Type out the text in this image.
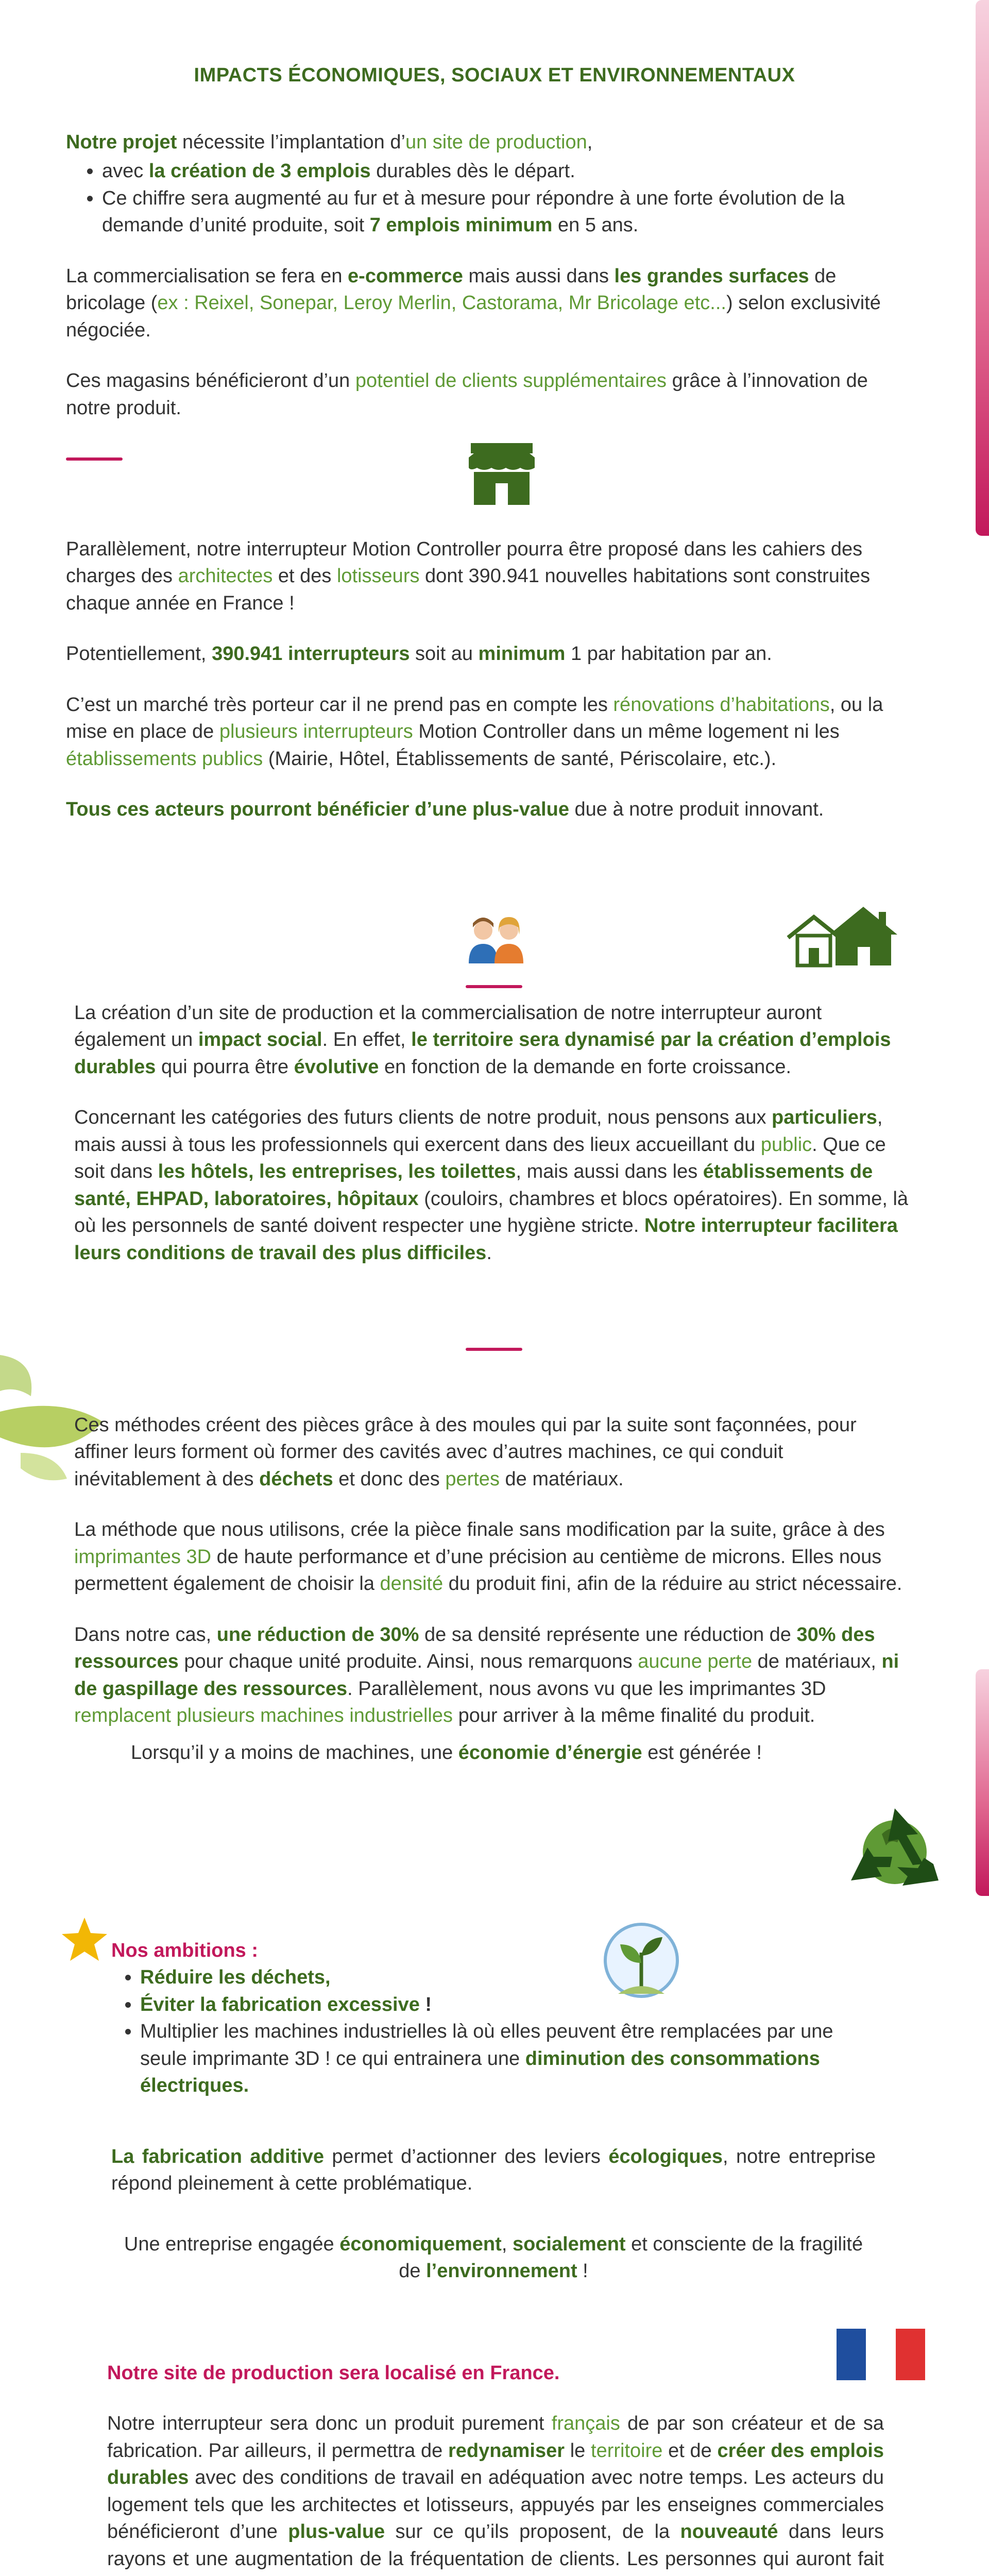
IMPACTS ÉCONOMIQUES, SOCIAUX ET ENVIRONNEMENTAUX

Notre projet nécessite l’implantation d’un site de production,

• avec la création de 3 emplois durables dès le départ.
• Ce chiffre sera augmenté au fur et à mesure pour répondre à une forte évolution de la demande d’unité produite, soit 7 emplois minimum en 5 ans.

La commercialisation se fera en e-commerce mais aussi dans les grandes surfaces de bricolage (ex : Reixel, Sonepar, Leroy Merlin, Castorama, Mr Bricolage etc...) selon exclusivité négociée.

Ces magasins bénéficieront d’un potentiel de clients supplémentaires grâce à l’innovation de notre produit.

Parallèlement, notre interrupteur Motion Controller pourra être proposé dans les cahiers des charges des architectes et des lotisseurs dont 390.941 nouvelles habitations sont construites chaque année en France !

Potentiellement, 390.941 interrupteurs soit au minimum 1 par habitation par an.

C’est un marché très porteur car il ne prend pas en compte les rénovations d’habitations, ou la mise en place de plusieurs interrupteurs Motion Controller dans un même logement ni les établissements publics (Mairie, Hôtel, Établissements de santé, Périscolaire, etc.).

Tous ces acteurs pourront bénéficier d’une plus-value due à notre produit innovant.

La création d’un site de production et la commercialisation de notre interrupteur auront également un impact social. En effet, le territoire sera dynamisé par la création d’emplois durables qui pourra être évolutive en fonction de la demande en forte croissance.

Concernant les catégories des futurs clients de notre produit, nous pensons aux particuliers, mais aussi à tous les professionnels qui exercent dans des lieux accueillant du public. Que ce soit dans les hôtels, les entreprises, les toilettes, mais aussi dans les établissements de santé, EHPAD, laboratoires, hôpitaux (couloirs, chambres et blocs opératoires). En somme, là où les personnels de santé doivent respecter une hygiène stricte. Notre interrupteur facilitera leurs conditions de travail des plus difficiles.

Ces méthodes créent des pièces grâce à des moules qui par la suite sont façonnées, pour affiner leurs forment où former des cavités avec d’autres machines, ce qui conduit inévitablement à des déchets et donc des pertes de matériaux.

La méthode que nous utilisons, crée la pièce finale sans modification par la suite, grâce à des imprimantes 3D de haute performance et d’une précision au centième de microns. Elles nous permettent également de choisir la densité du produit fini, afin de la réduire au strict nécessaire.

Dans notre cas, une réduction de 30% de sa densité représente une réduction de 30% des ressources pour chaque unité produite. Ainsi, nous remarquons aucune perte de matériaux, ni de gaspillage des ressources. Parallèlement, nous avons vu que les imprimantes 3D remplacent plusieurs machines industrielles pour arriver à la même finalité du produit.

Lorsqu’il y a moins de machines, une économie d’énergie est générée !

Nos ambitions :

• Réduire les déchets,
• Éviter la fabrication excessive !
• Multiplier les machines industrielles là où elles peuvent être remplacées par une seule imprimante 3D ! ce qui entrainera une diminution des consommations électriques.

La fabrication additive permet d’actionner des leviers écologiques, notre entreprise répond pleinement à cette problématique.

Une entreprise engagée économiquement, socialement et consciente de la fragilité de l’environnement !

Notre site de production sera localisé en France.

Notre interrupteur sera donc un produit purement français de par son créateur et de sa fabrication. Par ailleurs, il permettra de redynamiser le territoire et de créer des emplois durables avec des conditions de travail en adéquation avec notre temps. Les acteurs du logement tels que les architectes et lotisseurs, appuyés par les enseignes commerciales bénéficieront d’une plus-value sur ce qu’ils proposent, de la nouveauté dans leurs rayons et une augmentation de la fréquentation de clients. Les personnes qui auront fait
